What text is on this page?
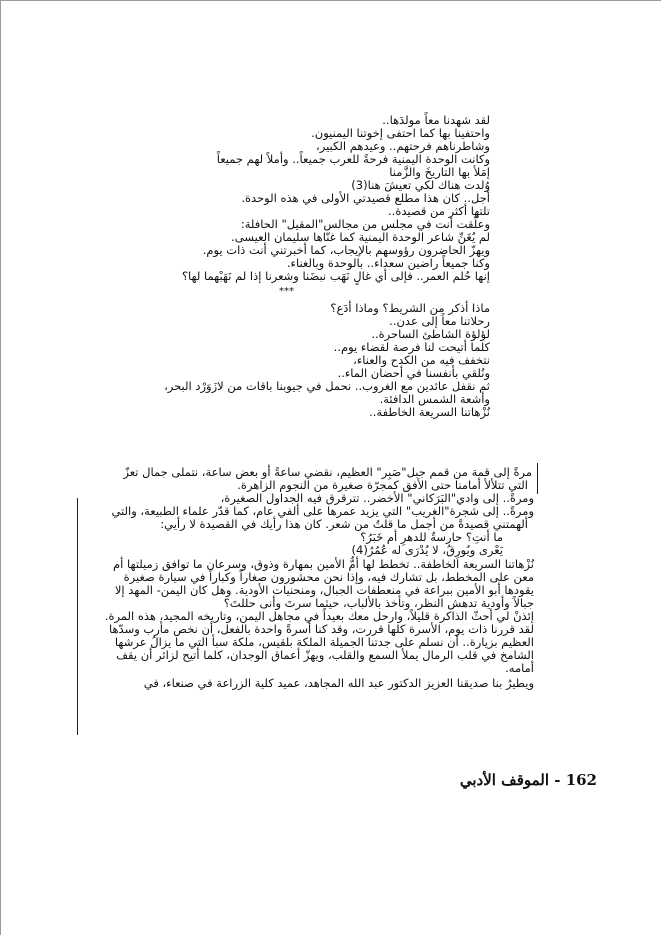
لقد شهدنا معاً مولدَها..
واحتفينا بها كما احتفى إخوتنا اليمنيون.
وشاطرناهم فرحتهم.. وعيدهم الكبير،
وكانت الوحدة اليمنية فرحةً للعرب جميعاً.. وأملاً لهم جميعاً
إمَلأ بها التاريخَ والزَّمنا
وُلدت هناك لكي تعيشَ هنا(3)
أجل.. كان هذا مطلع قصيدتي الأولى في هذه الوحدة.
تلتها أكثر من قصيدة..
وعلّقت أنت في مجلس من مجالس"المقيل" الحافلة:
لم يُغَنِّ شاعر الوحدة اليمنية كما غنّاها سليمان العيسى.
ويهزّ الحاضرون رؤوسهم بالإيجاب، كما أخبرتني أنت ذات يوم.
وكنا جميعاً راضين سعداء.. بالوحدة وبالغناء.
إنها حُلم العمر.. فإلى أي غالٍ نَهَب نبضَنا وشعرنا إذا لم نَهَبْهما لها؟
***
ماذا أذكر من الشريط؟ وماذا أدَع؟
رحلاتنا معاً إلى عدن..
لؤلؤة الشاطئ الساحرة..
كلما أتيحت لنا فرصة لقضاء يوم..
نتخفف فيه من الكدح والعناء،
ونُلقي بأنفسنا في أحضان الماء..
ثم نقفل عائدين مع الغروب.. نحمل في جيوبنا باقات من لازَوَرْد البحر،
وأشعة الشمس الدافئة.
نُزْهاتنا السريعة الخاطفة..
مرةً إلى قمة من قمم جبل"صَبِر" العظيم، نقضي ساعةً أو بعض ساعة، نتملى جمال تعزّ
التي تتلألأ أمامنا حتى الأفق كمجرّة صغيرة من النجوم الزاهرة.
ومرةً.. إلى وادي"البَرَكاني" الأخضر.. تترقرق فيه الجداول الصغيرة،
ومرةً.. إلى شجرة"الغريب" التي يزيد عمرها على ألفي عام، كما قدّر علماء الطبيعة، والتي
ألهمتني قصيدةً من أجمل ما قلتُ من شعر. كان هذا رأيك في القصيدة لا رأيي:
ما أنتِ؟ حارسةٌ للدهرِ أم خَبَرُ؟
يَعْرى ويُورِقُ، لا يُدْرَى له عُمُرُ(4)
نُزْهاتنا السريعة الخاطفة.. تخطط لها أمُّ الأمين بمهارة وذوق، وسرعان ما توافق زميلتها أم
معن على المخطط، بل تشارك فيه، وإذا نحن محشورون صغاراً وكباراً في سيارة صغيرة
يقودها أبو الأمين ببراعة في منعطفات الجبال، ومنحنيات الأودية. وهل كان اليمن- المهد إلا
جبالاً وأودية تدهش النظر، وتأخذ بالألباب، حيثما سرتَ وأنى حللتَ؟
إئذنْ لي أحثّ الذاكرة قليلاً، وارحل معك بعيداً في مجاهل اليمن، وتاريخه المجيد، هذه المرة.
لقد قررنا ذات يوم، الأسرة كلها قررت، وقد كنا أسرةً واحدة بالفعل، أن نخص مأرب وسدّها
العظيم بزيارة.. أن نسلم على جدتنا الجميلة الملكة بلقيس، ملكة سبأ التي ما يزالُ عرشها
الشامخ في قلب الرمال يملأ السمع والقلب، ويهزّ أعماق الوجدان، كلما أتيح لزائر أن يقف
أمامه.
ويطيرُ بنا صديقنا العزيز الدكتور عبد الله المجاهد، عميد كلية الزراعة في صنعاء، في
162 - الموقف الأدبي
